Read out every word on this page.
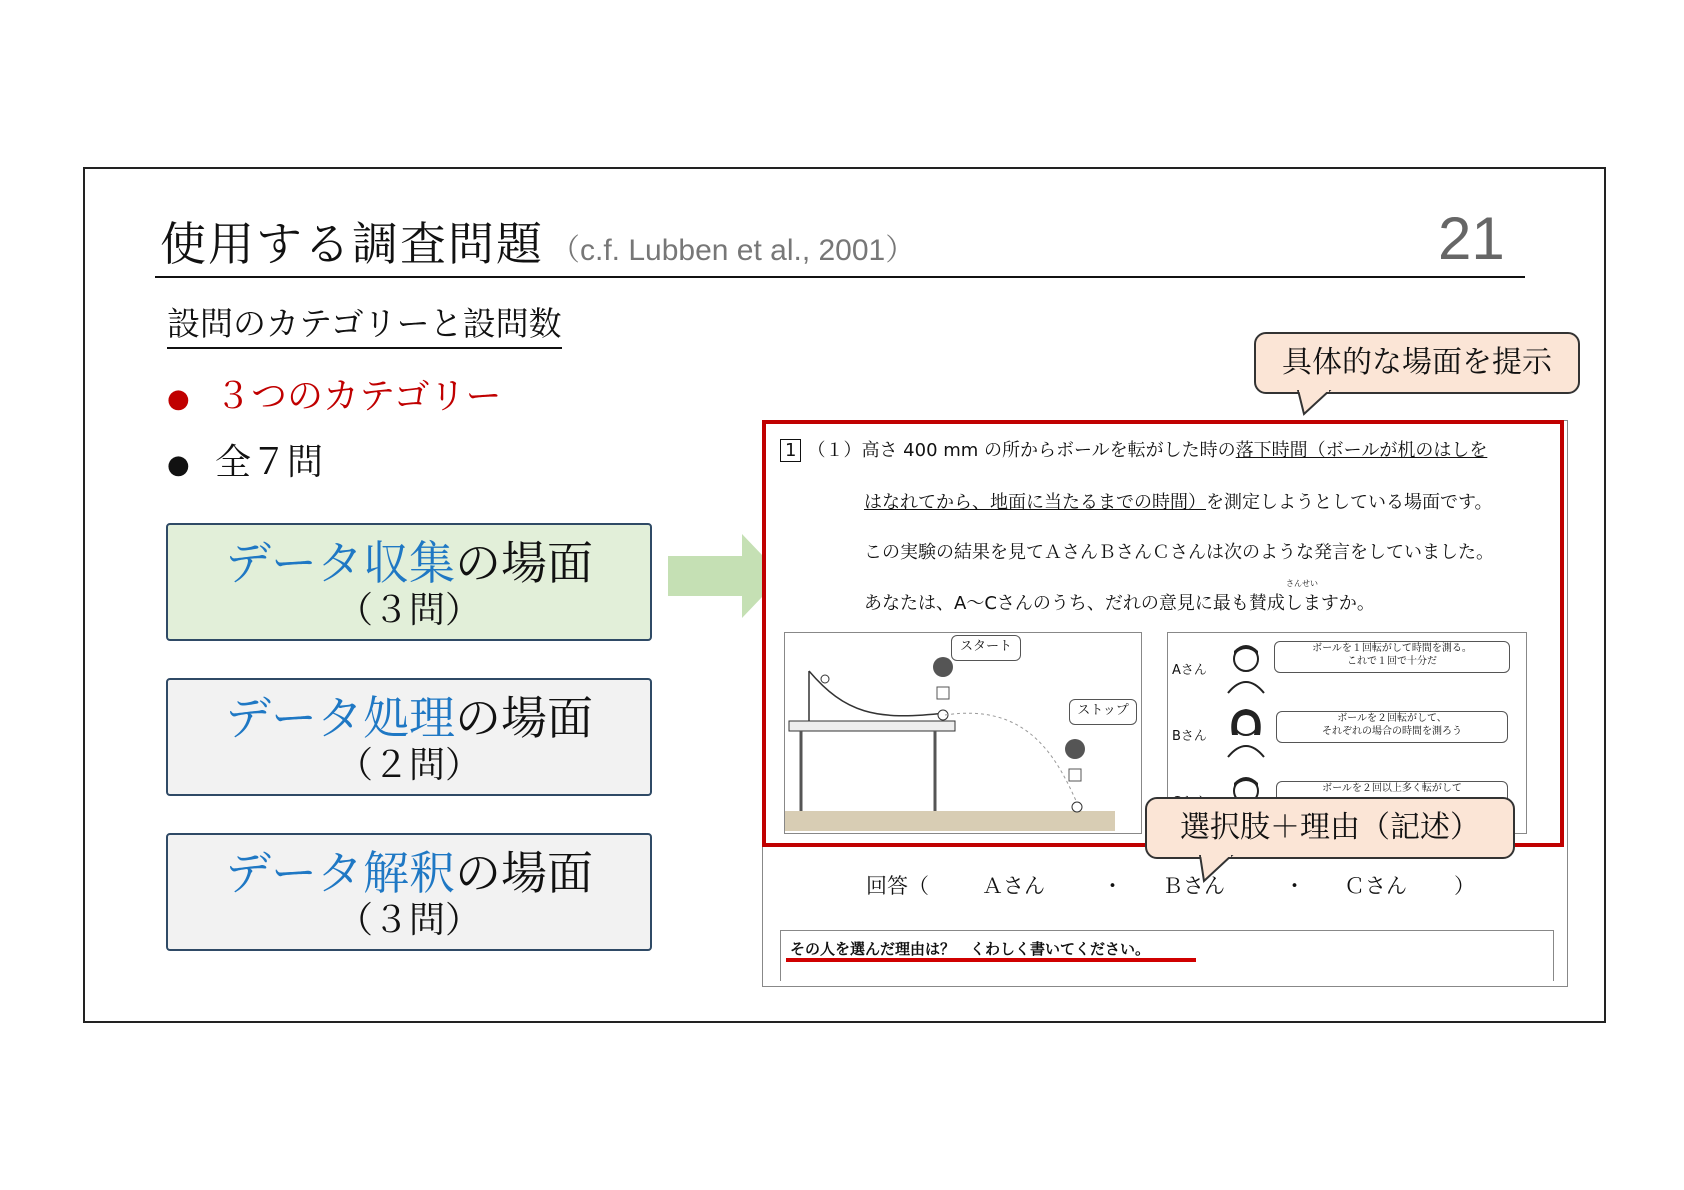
使用する調査問題 （c.f. Lubben et al., 2001）	21
設問のカテゴリーと設問数
● ３つのカテゴリー
● 全７問
データ収集の場面
（３問）
データ処理の場面
（２問）
データ解釈の場面
（３問）
1 （１）高さ 400 mm の所からボールを転がした時の落下時間（ボールが机のはしを
はなれてから、地面に当たるまでの時間）を測定しようとしている場面です。
この実験の結果を見てＡさんＢさんＣさんは次のような発言をしていました。
さんせい
あなたは、A～Cさんのうち、だれの意見に最も賛成しますか。
スタート
ストップ
Aさん
ボールを１回転がして時間を測る。
これで１回で十分だ
Bさん
ボールを２回転がして、
それぞれの場合の時間を測ろう
ボールを２回以上多く転がして
回答（	Ａさん	・ Ｂさん	・ Ｃさん ）
その人を選んだ理由は？　くわしく書いてください。
具体的な場面を提示
選択肢＋理由（記述）
